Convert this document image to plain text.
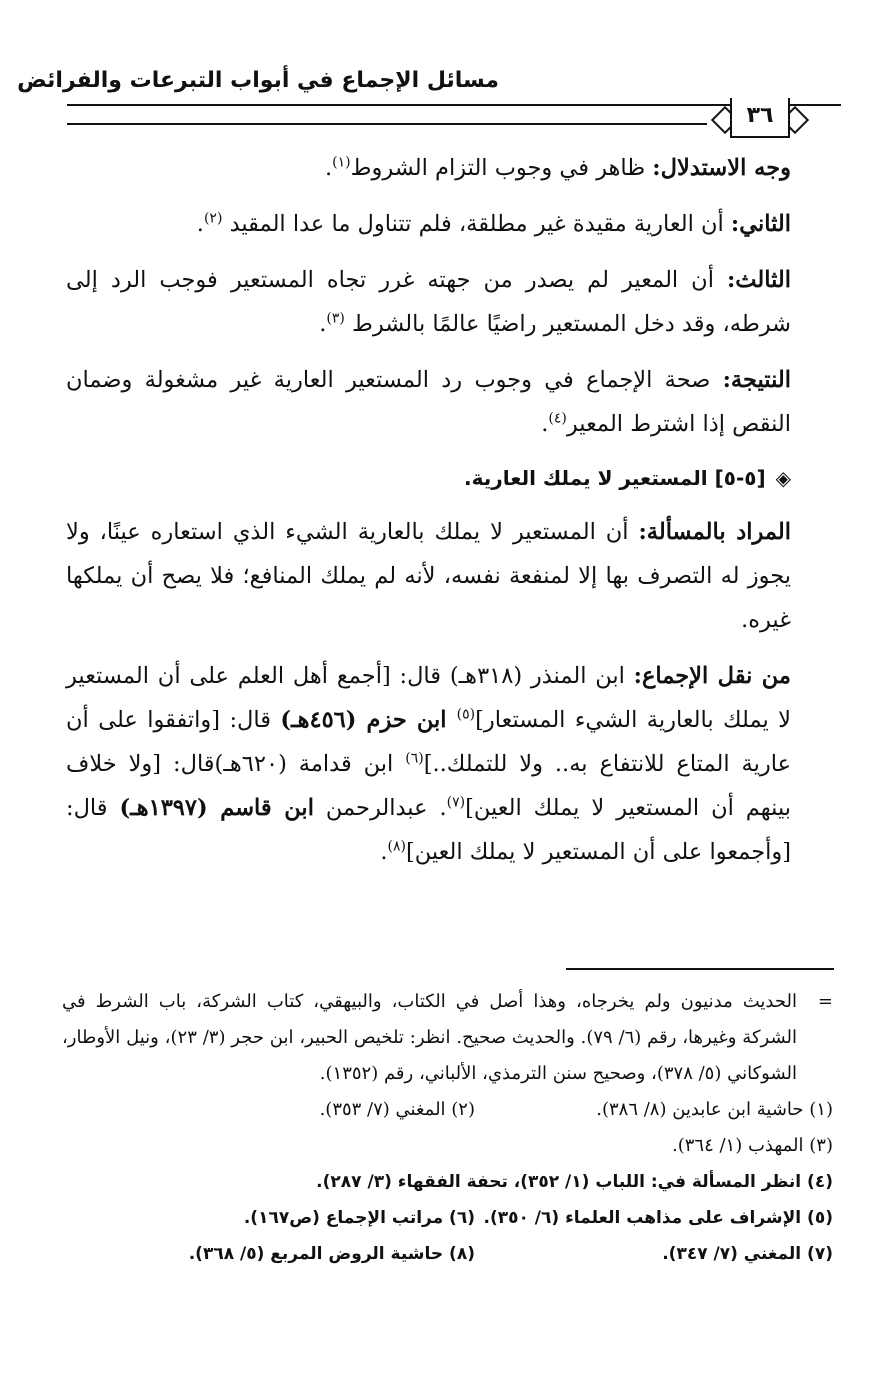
مسائل الإجماع في أبواب التبرعات والفرائض
٣٦

وجه الاستدلال: ظاهر في وجوب التزام الشروط$^{(١)}$.

الثاني: أن العارية مقيدة غير مطلقة، فلم تتناول ما عدا المقيد $^{(٢)}$.

الثالث: أن المعير لم يصدر من جهته غرر تجاه المستعير فوجب الرد إلى شرطه، وقد دخل المستعير راضيًا عالمًا بالشرط $^{(٣)}$.

النتيجة: صحة الإجماع في وجوب رد المستعير العارية غير مشغولة وضمان النقص إذا اشترط المعير$^{(٤)}$.

◈[٥-٥] المستعير لا يملك العارية.

المراد بالمسألة: أن المستعير لا يملك بالعارية الشيء الذي استعاره عينًا، ولا يجوز له التصرف بها إلا لمنفعة نفسه، لأنه لم يملك المنافع؛ فلا يصح أن يملكها غيره.

من نقل الإجماع: ابن المنذر (٣١٨هـ) قال: [أجمع أهل العلم على أن المستعير لا يملك بالعارية الشيء المستعار]$^{(٥)}$ ابن حزم (٤٥٦هـ) قال: [واتفقوا على أن عارية المتاع للانتفاع به.. ولا للتملك..]$^{(٦)}$ ابن قدامة (٦٢٠هـ)قال: [ولا خلاف بينهم أن المستعير لا يملك العين]$^{(٧)}$. عبدالرحمن ابن قاسم (١٣٩٧هـ) قال: [وأجمعوا على أن المستعير لا يملك العين]$^{(٨)}$.

=
الحديث مدنيون ولم يخرجاه، وهذا أصل في الكتاب، والبيهقي، كتاب الشركة، باب الشرط في الشركة وغيرها، رقم (٦/ ٧٩). والحديث صحيح. انظر: تلخيص الحبير، ابن حجر (٣/ ٢٣)، ونيل الأوطار، الشوكاني (٥/ ٣٧٨)، وصحيح سنن الترمذي، الألباني، رقم (١٣٥٢).
(١) حاشية ابن عابدين (٨/ ٣٨٦).
(٢) المغني (٧/ ٣٥٣).
(٣) المهذب (١/ ٣٦٤).
(٤) انظر المسألة في: اللباب (١/ ٣٥٢)، تحفة الفقهاء (٣/ ٢٨٧).
(٥) الإشراف على مذاهب العلماء (٦/ ٣٥٠).
(٦) مراتب الإجماع (ص١٦٧).
(٧) المغني (٧/ ٣٤٧).
(٨) حاشية الروض المربع (٥/ ٣٦٨).
